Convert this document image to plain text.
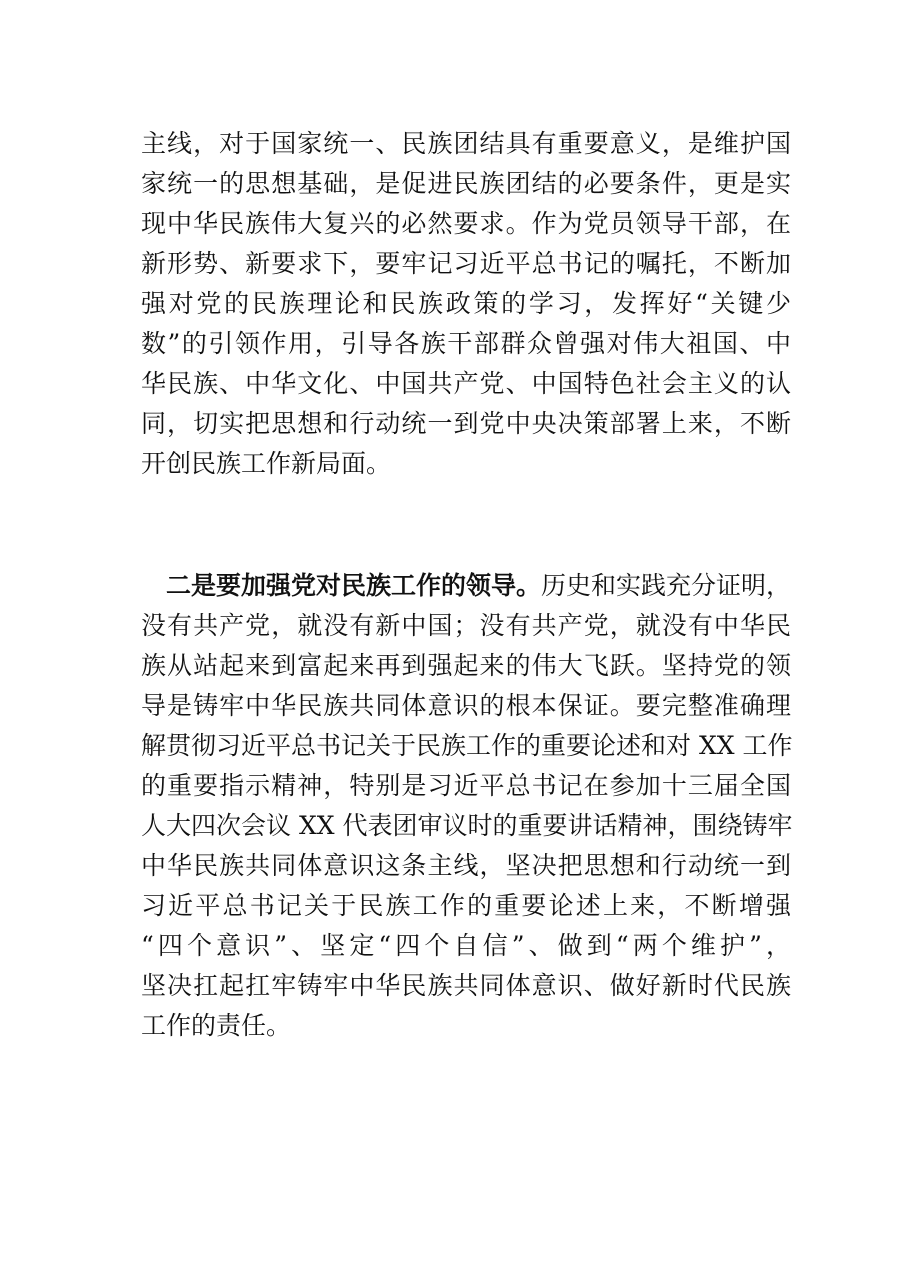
主线，对于国家统一、民族团结具有重要意义，是维护国
家统一的思想基础，是促进民族团结的必要条件，更是实
现中华民族伟大复兴的必然要求。作为党员领导干部，在
新形势、新要求下，要牢记习近平总书记的嘱托，不断加
强对党的民族理论和民族政策的学习，发挥好“关键少
数”的引领作用，引导各族干部群众曾强对伟大祖国、中
华民族、中华文化、中国共产党、中国特色社会主义的认
同，切实把思想和行动统一到党中央决策部署上来，不断
开创民族工作新局面。
二是要加强党对民族工作的领导。历史和实践充分证明，
没有共产党，就没有新中国；没有共产党，就没有中华民
族从站起来到富起来再到强起来的伟大飞跃。坚持党的领
导是铸牢中华民族共同体意识的根本保证。要完整准确理
解贯彻习近平总书记关于民族工作的重要论述和对 XX 工作
的重要指示精神，特别是习近平总书记在参加十三届全国
人大四次会议 XX 代表团审议时的重要讲话精神，围绕铸牢
中华民族共同体意识这条主线，坚决把思想和行动统一到
习近平总书记关于民族工作的重要论述上来，不断增强
“四个意识”、坚定“四个自信”、做到“两个维护”，
坚决扛起扛牢铸牢中华民族共同体意识、做好新时代民族
工作的责任。
